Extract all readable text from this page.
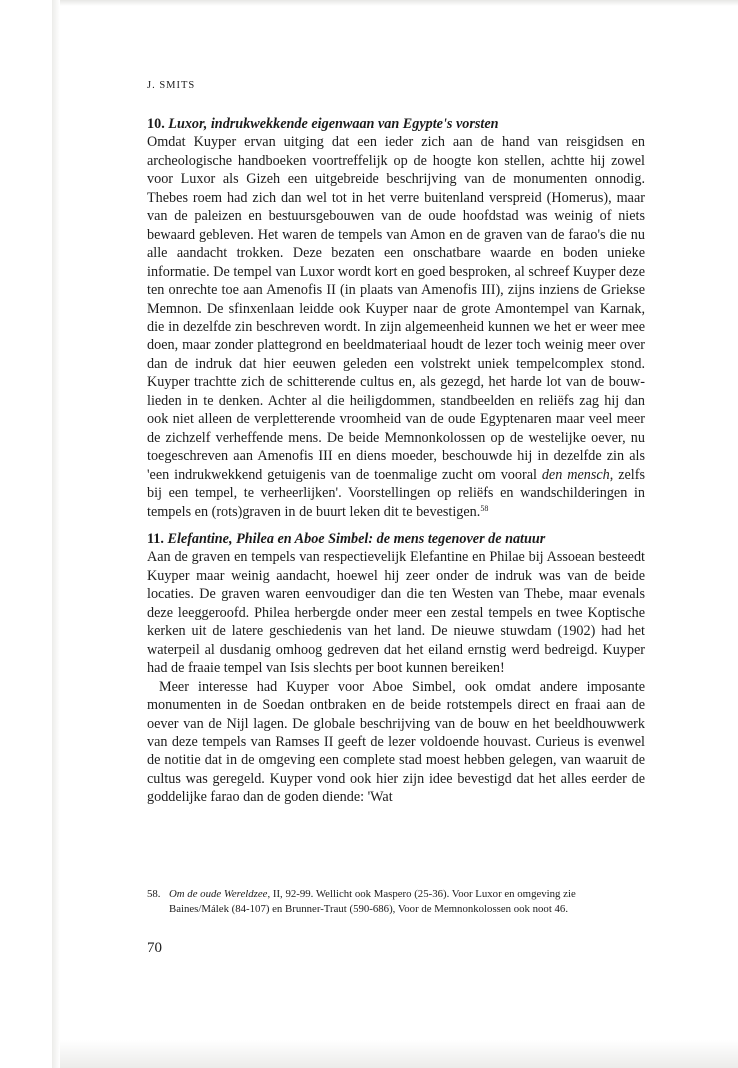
J. SMITS
10. Luxor, indrukwekkende eigenwaan van Egypte's vorsten

Omdat Kuyper ervan uitging dat een ieder zich aan de hand van reisgidsen en archeologische handboeken voortreffelijk op de hoogte kon stellen, achtte hij zowel voor Luxor als Gizeh een uitgebreide beschrijving van de monumenten onnodig. Thebes roem had zich dan wel tot in het verre buitenland verspreid (Homerus), maar van de paleizen en bestuursgebouwen van de oude hoofdstad was weinig of niets bewaard gebleven. Het waren de tempels van Amon en de graven van de farao's die nu alle aandacht trokken. Deze bezaten een onschatbare waarde en boden unieke informatie. De tempel van Luxor wordt kort en goed besproken, al schreef Kuyper deze ten onrechte toe aan Amenofis II (in plaats van Amenofis III), zijns inziens de Griekse Memnon. De sfinxenlaan leidde ook Kuyper naar de grote Amontempel van Karnak, die in dezelfde zin beschreven wordt. In zijn algemeenheid kunnen we het er weer mee doen, maar zonder plattegrond en beeldmateriaal houdt de lezer toch weinig meer over dan de indruk dat hier eeuwen geleden een volstrekt uniek tempelcomplex stond. Kuyper trachtte zich de schitterende cultus en, als gezegd, het harde lot van de bouwlieden in te denken. Achter al die heiligdommen, standbeelden en reliëfs zag hij dan ook niet alleen de verpletterende vroomheid van de oude Egyptenaren maar veel meer de zichzelf verheffende mens. De beide Memnonkolossen op de westelijke oever, nu toegeschreven aan Amenofis III en diens moeder, beschouwde hij in dezelfde zin als 'een indrukwekkend getuigenis van de toenmalige zucht om vooral den mensch, zelfs bij een tempel, te verheerlijken'. Voorstellingen op reliëfs en wandschilderingen in tempels en (rots)graven in de buurt leken dit te bevestigen.$^{58}$

11. Elefantine, Philea en Aboe Simbel: de mens tegenover de natuur

Aan de graven en tempels van respectievelijk Elefantine en Philae bij Assoean besteedt Kuyper maar weinig aandacht, hoewel hij zeer onder de indruk was van de beide locaties. De graven waren eenvoudiger dan die ten Westen van Thebe, maar evenals deze leeggeroofd. Philea herbergde onder meer een zestal tempels en twee Koptische kerken uit de latere geschiedenis van het land. De nieuwe stuwdam (1902) had het waterpeil al dusdanig omhoog gedreven dat het eiland ernstig werd bedreigd. Kuyper had de fraaie tempel van Isis slechts per boot kunnen bereiken!

Meer interesse had Kuyper voor Aboe Simbel, ook omdat andere imposante monumenten in de Soedan ontbraken en de beide rotstempels direct en fraai aan de oever van de Nijl lagen. De globale beschrijving van de bouw en het beeldhouwwerk van deze tempels van Ramses II geeft de lezer voldoende houvast. Curieus is evenwel de notitie dat in de omgeving een complete stad moest hebben gelegen, van waaruit de cultus was geregeld. Kuyper vond ook hier zijn idee bevestigd dat het alles eerder de goddelijke farao dan de goden diende: 'Wat

58. Om de oude Wereldzee, II, 92-99. Wellicht ook Maspero (25-36). Voor Luxor en omgeving zie
Baines/Málek (84-107) en Brunner-Traut (590-686), Voor de Memnonkolossen ook noot 46.
70
